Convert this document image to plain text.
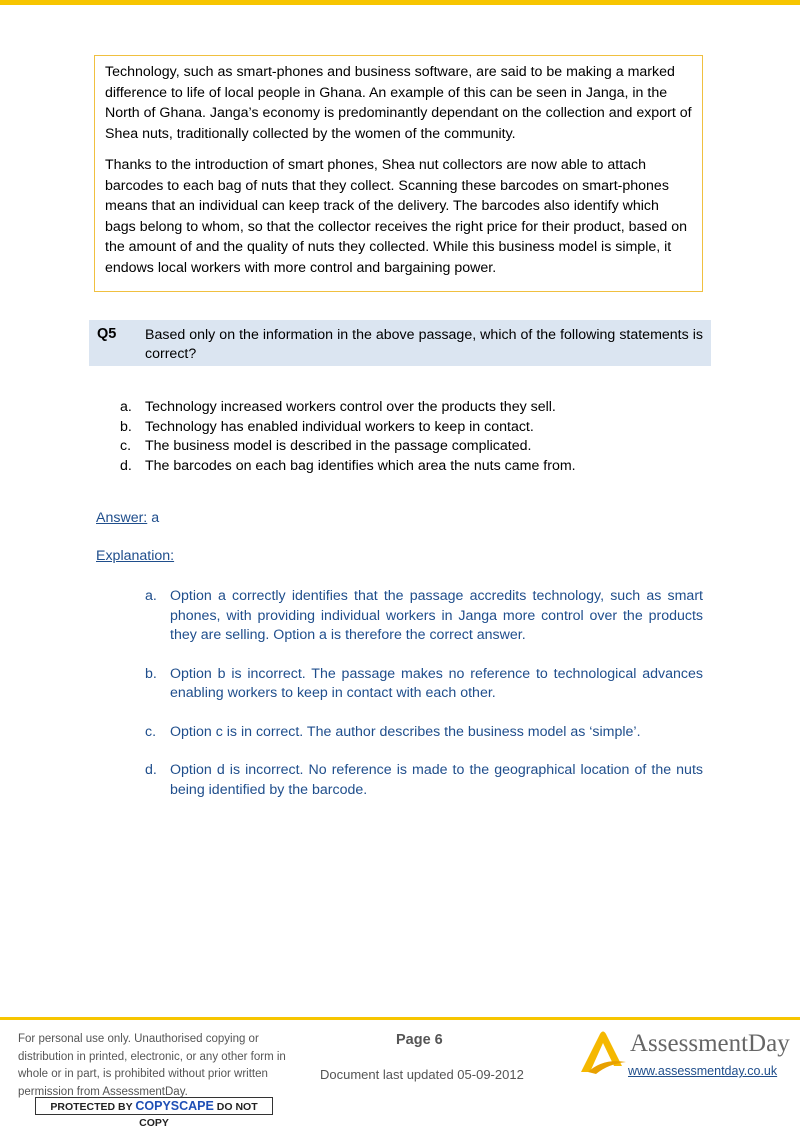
Technology, such as smart-phones and business software, are said to be making a marked difference to life of local people in Ghana. An example of this can be seen in Janga, in the North of Ghana. Janga’s economy is predominantly dependant on the collection and export of Shea nuts, traditionally collected by the women of the community.

Thanks to the introduction of smart phones, Shea nut collectors are now able to attach barcodes to each bag of nuts that they collect. Scanning these barcodes on smart-phones means that an individual can keep track of the delivery. The barcodes also identify which bags belong to whom, so that the collector receives the right price for their product, based on the amount of and the quality of nuts they collected. While this business model is simple, it endows local workers with more control and bargaining power.

Q5 Based only on the information in the above passage, which of the following statements is correct?
a. Technology increased workers control over the products they sell.
b. Technology has enabled individual workers to keep in contact.
c. The business model is described in the passage complicated.
d. The barcodes on each bag identifies which area the nuts came from.
Answer: a
Explanation:
a. Option a correctly identifies that the passage accredits technology, such as smart phones, with providing individual workers in Janga more control over the products they are selling. Option a is therefore the correct answer.
b. Option b is incorrect. The passage makes no reference to technological advances enabling workers to keep in contact with each other.
c. Option c is in correct. The author describes the business model as ‘simple’.
d. Option d is incorrect. No reference is made to the geographical location of the nuts being identified by the barcode.
For personal use only. Unauthorised copying or distribution in printed, electronic, or any other form in whole or in part, is prohibited without prior written permission from AssessmentDay.
PROTECTED BY COPYSCAPE DO NOT COPY
Page 6
Document last updated 05-09-2012
AssessmentDay
www.assessmentday.co.uk
